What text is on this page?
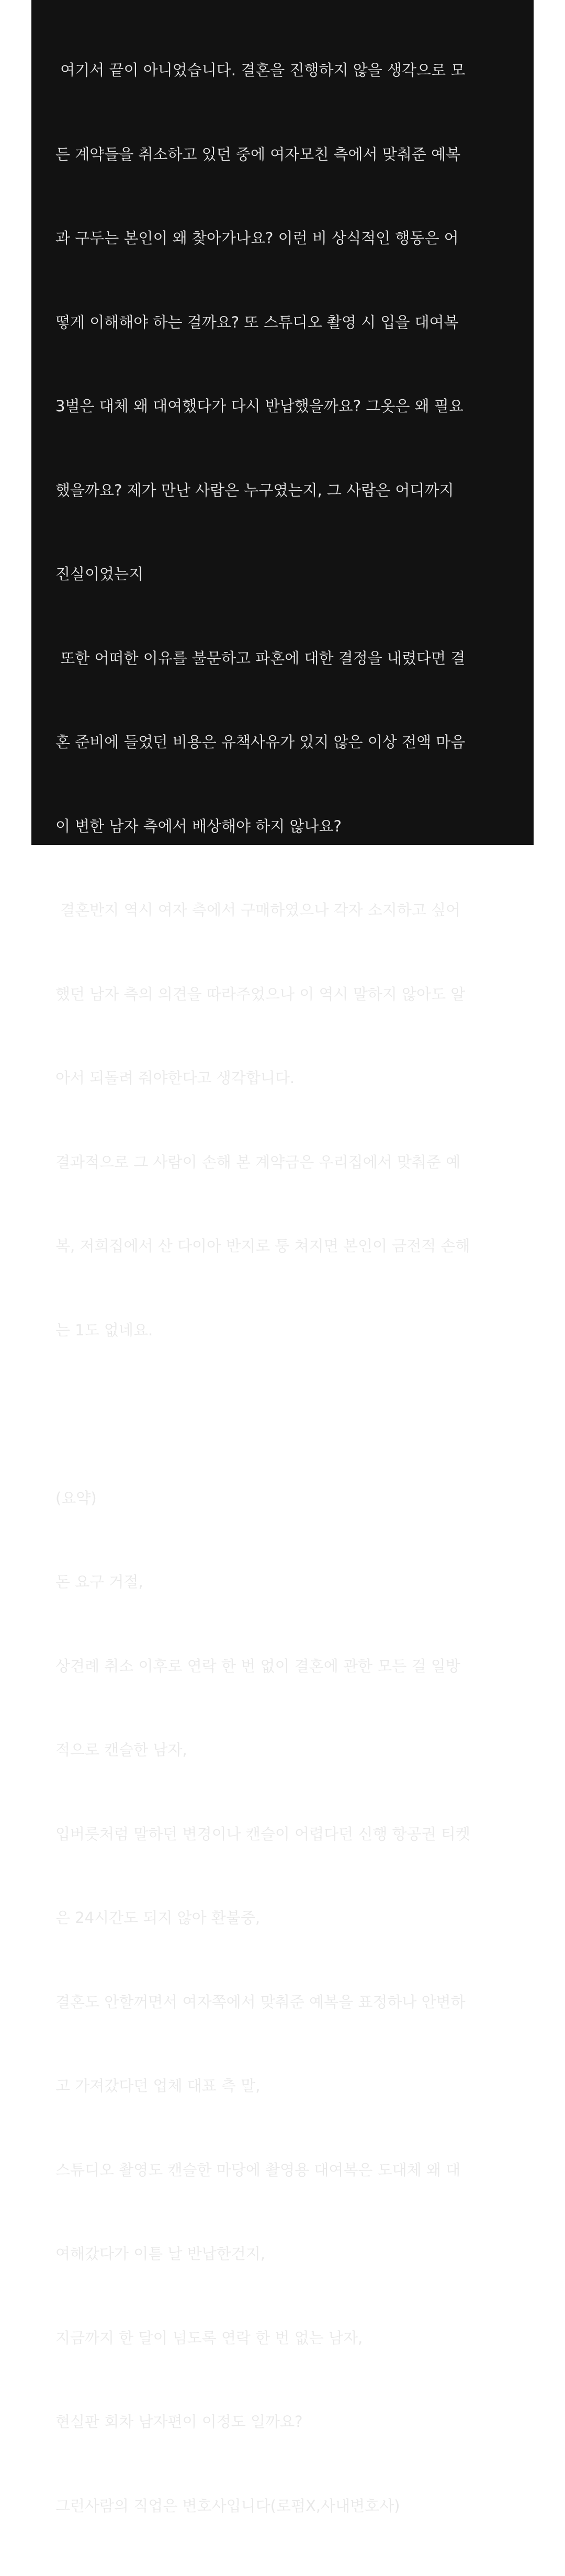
여기서 끝이 아니었습니다. 결혼을 진행하지 않을 생각으로 모

든 계약들을 취소하고 있던 중에 여자모친 측에서 맞춰준 예복

과 구두는 본인이 왜 찾아가나요? 이런 비 상식적인 행동은 어

떻게 이해해야 하는 걸까요? 또 스튜디오 촬영 시 입을 대여복

3벌은 대체 왜 대여했다가 다시 반납했을까요? 그옷은 왜 필요

했을까요? 제가 만난 사람은 누구였는지, 그 사람은 어디까지

진실이었는지

또한 어떠한 이유를 불문하고 파혼에 대한 결정을 내렸다면 결

혼 준비에 들었던 비용은 유책사유가 있지 않은 이상 전액 마음

이 변한 남자 측에서 배상해야 하지 않나요?

결혼반지 역시 여자 측에서 구매하였으나 각자 소지하고 싶어

했던 남자 측의 의견을 따라주었으나 이 역시 말하지 않아도 알

아서 되돌려 줘야한다고 생각합니다.

결과적으로 그 사람이 손해 본 계약금은 우리집에서 맞춰준 예

복, 저희집에서 산 다이아 반지로 퉁 쳐지면 본인이 금전적 손해

는 1도 없네요.

(요약)

돈 요구 거절,

상견례 취소 이후로 연락 한 번 없이 결혼에 관한 모든 걸 일방

적으로 캔슬한 남자,

입버릇처럼 말하던 변경이나 캔슬이 어렵다던 신행 항공권 티켓

은 24시간도 되지 않아 환불중,

결혼도 안할꺼면서 여자쪽에서 맞춰준 예복을 표정하나 안변하

고 가져갔다던 업체 대표 측 말,

스튜디오 촬영도 캔슬한 마당에 촬영용 대여복은 도대체 왜 대

여해갔다가 이튿 날 반납한건지,

지금까지 한 달이 넘도록 연락 한 번 없는 남자,

현실판 회차 남자편이 이정도 일까요?

그런사람의 직업은 변호사입니다(로펌X,사내변호사)
